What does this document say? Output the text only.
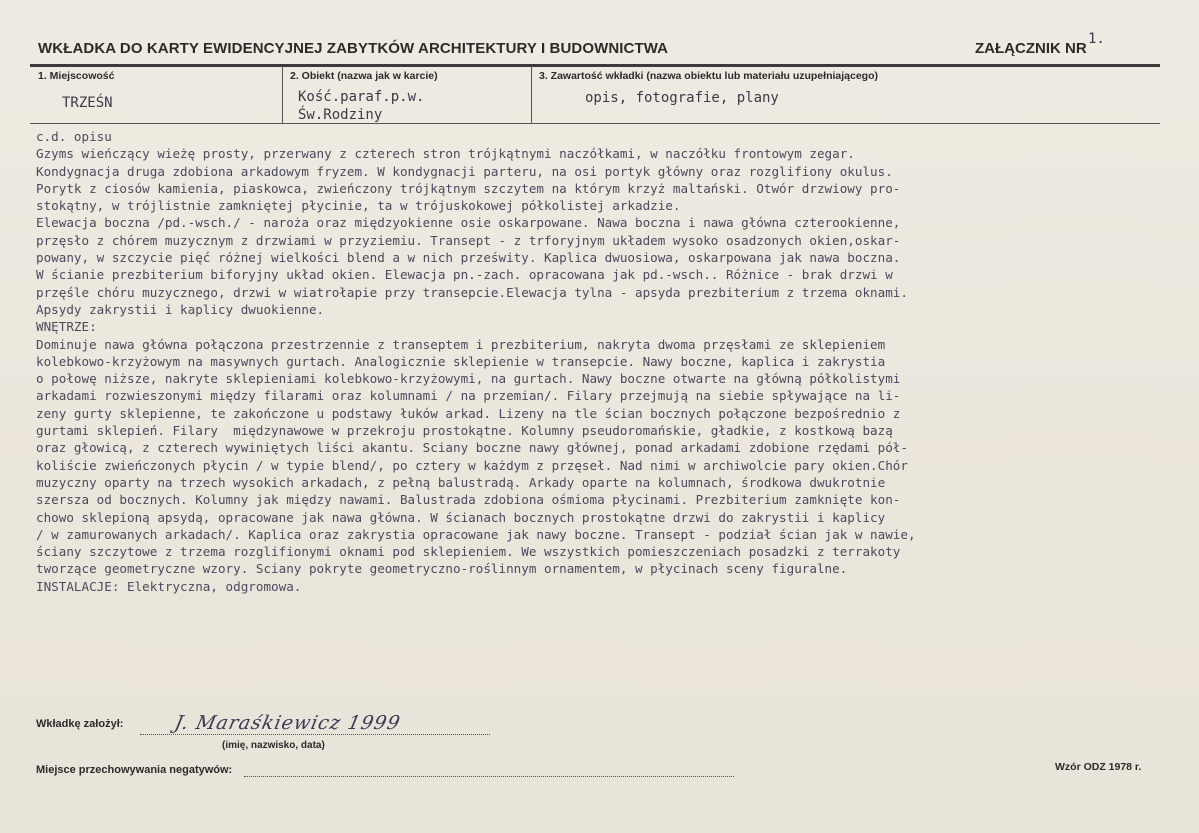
WKŁADKA DO KARTY EWIDENCYJNEJ ZABYTKÓW ARCHITEKTURY I BUDOWNICTWA	ZAŁĄCZNIK NR
1.
1. Miejscowość
TRZEŚN
2. Obiekt (nazwa jak w karcie)
Kość.paraf.p.w.
Św.Rodziny
3. Zawartość wkładki (nazwa obiektu lub materiału uzupełniającego)
opis, fotografie, plany
c.d. opisu
Gzyms wieńczący wieżę prosty, przerwany z czterech stron trójkątnymi naczółkami, w naczółku frontowym zegar.
Kondygnacja druga zdobiona arkadowym fryzem. W kondygnacji parteru, na osi portyk główny oraz rozglifiony okulus.
Porytk z ciosów kamienia, piaskowca, zwieńczony trójkątnym szczytem na którym krzyż maltański. Otwór drzwiowy pro-
stokątny, w trójlistnie zamkniętej płycinie, ta w trójuskokowej półkolistej arkadzie.
Elewacja boczna /pd.-wsch./ - naroża oraz międzyokienne osie oskarpowane. Nawa boczna i nawa główna czterookienne,
przęsło z chórem muzycznym z drzwiami w przyziemiu. Transept - z trforyjnym układem wysoko osadzonych okien,oskar-
powany, w szczycie pięć różnej wielkości blend a w nich prześwity. Kaplica dwuosiowa, oskarpowana jak nawa boczna.
W ścianie prezbiterium biforyjny układ okien. Elewacja pn.-zach. opracowana jak pd.-wsch.. Różnice - brak drzwi w
przęśle chóru muzycznego, drzwi w wiatrołapie przy transepcie.Elewacja tylna - apsyda prezbiterium z trzema oknami.
Apsydy zakrystii i kaplicy dwuokienne.
WNĘTRZE:
Dominuje nawa główna połączona przestrzennie z transeptem i prezbiterium, nakryta dwoma przęsłami ze sklepieniem
kolebkowo-krzyżowym na masywnych gurtach. Analogicznie sklepienie w transepcie. Nawy boczne, kaplica i zakrystia
o połowę niższe, nakryte sklepieniami kolebkowo-krzyżowymi, na gurtach. Nawy boczne otwarte na główną półkolistymi
arkadami rozwieszonymi między filarami oraz kolumnami / na przemian/. Filary przejmują na siebie spływające na li-
zeny gurty sklepienne, te zakończone u podstawy łuków arkad. Lizeny na tle ścian bocznych połączone bezpośrednio z
gurtami sklepień. Filary  międzynawowe w przekroju prostokątne. Kolumny pseudoromańskie, gładkie, z kostkową bazą
oraz głowicą, z czterech wywiniętych liści akantu. Sciany boczne nawy głównej, ponad arkadami zdobione rzędami pół-
koliście zwieńczonych płycin / w typie blend/, po cztery w każdym z przęseł. Nad nimi w archiwolcie pary okien.Chór
muzyczny oparty na trzech wysokich arkadach, z pełną balustradą. Arkady oparte na kolumnach, środkowa dwukrotnie
szersza od bocznych. Kolumny jak między nawami. Balustrada zdobiona ośmioma płycinami. Prezbiterium zamknięte kon-
chowo sklepioną apsydą, opracowane jak nawa główna. W ścianach bocznych prostokątne drzwi do zakrystii i kaplicy
/ w zamurowanych arkadach/. Kaplica oraz zakrystia opracowane jak nawy boczne. Transept - podział ścian jak w nawie,
ściany szczytowe z trzema rozglifionymi oknami pod sklepieniem. We wszystkich pomieszczeniach posadzki z terrakoty
tworzące geometryczne wzory. Sciany pokryte geometryczno-roślinnym ornamentem, w płycinach sceny figuralne.
INSTALACJE: Elektryczna, odgromowa.
Wkładkę założył:	J. Maraśkiewicz 1999
(imię, nazwisko, data)
Miejsce przechowywania negatywów:	Wzór ODZ 1978 r.
